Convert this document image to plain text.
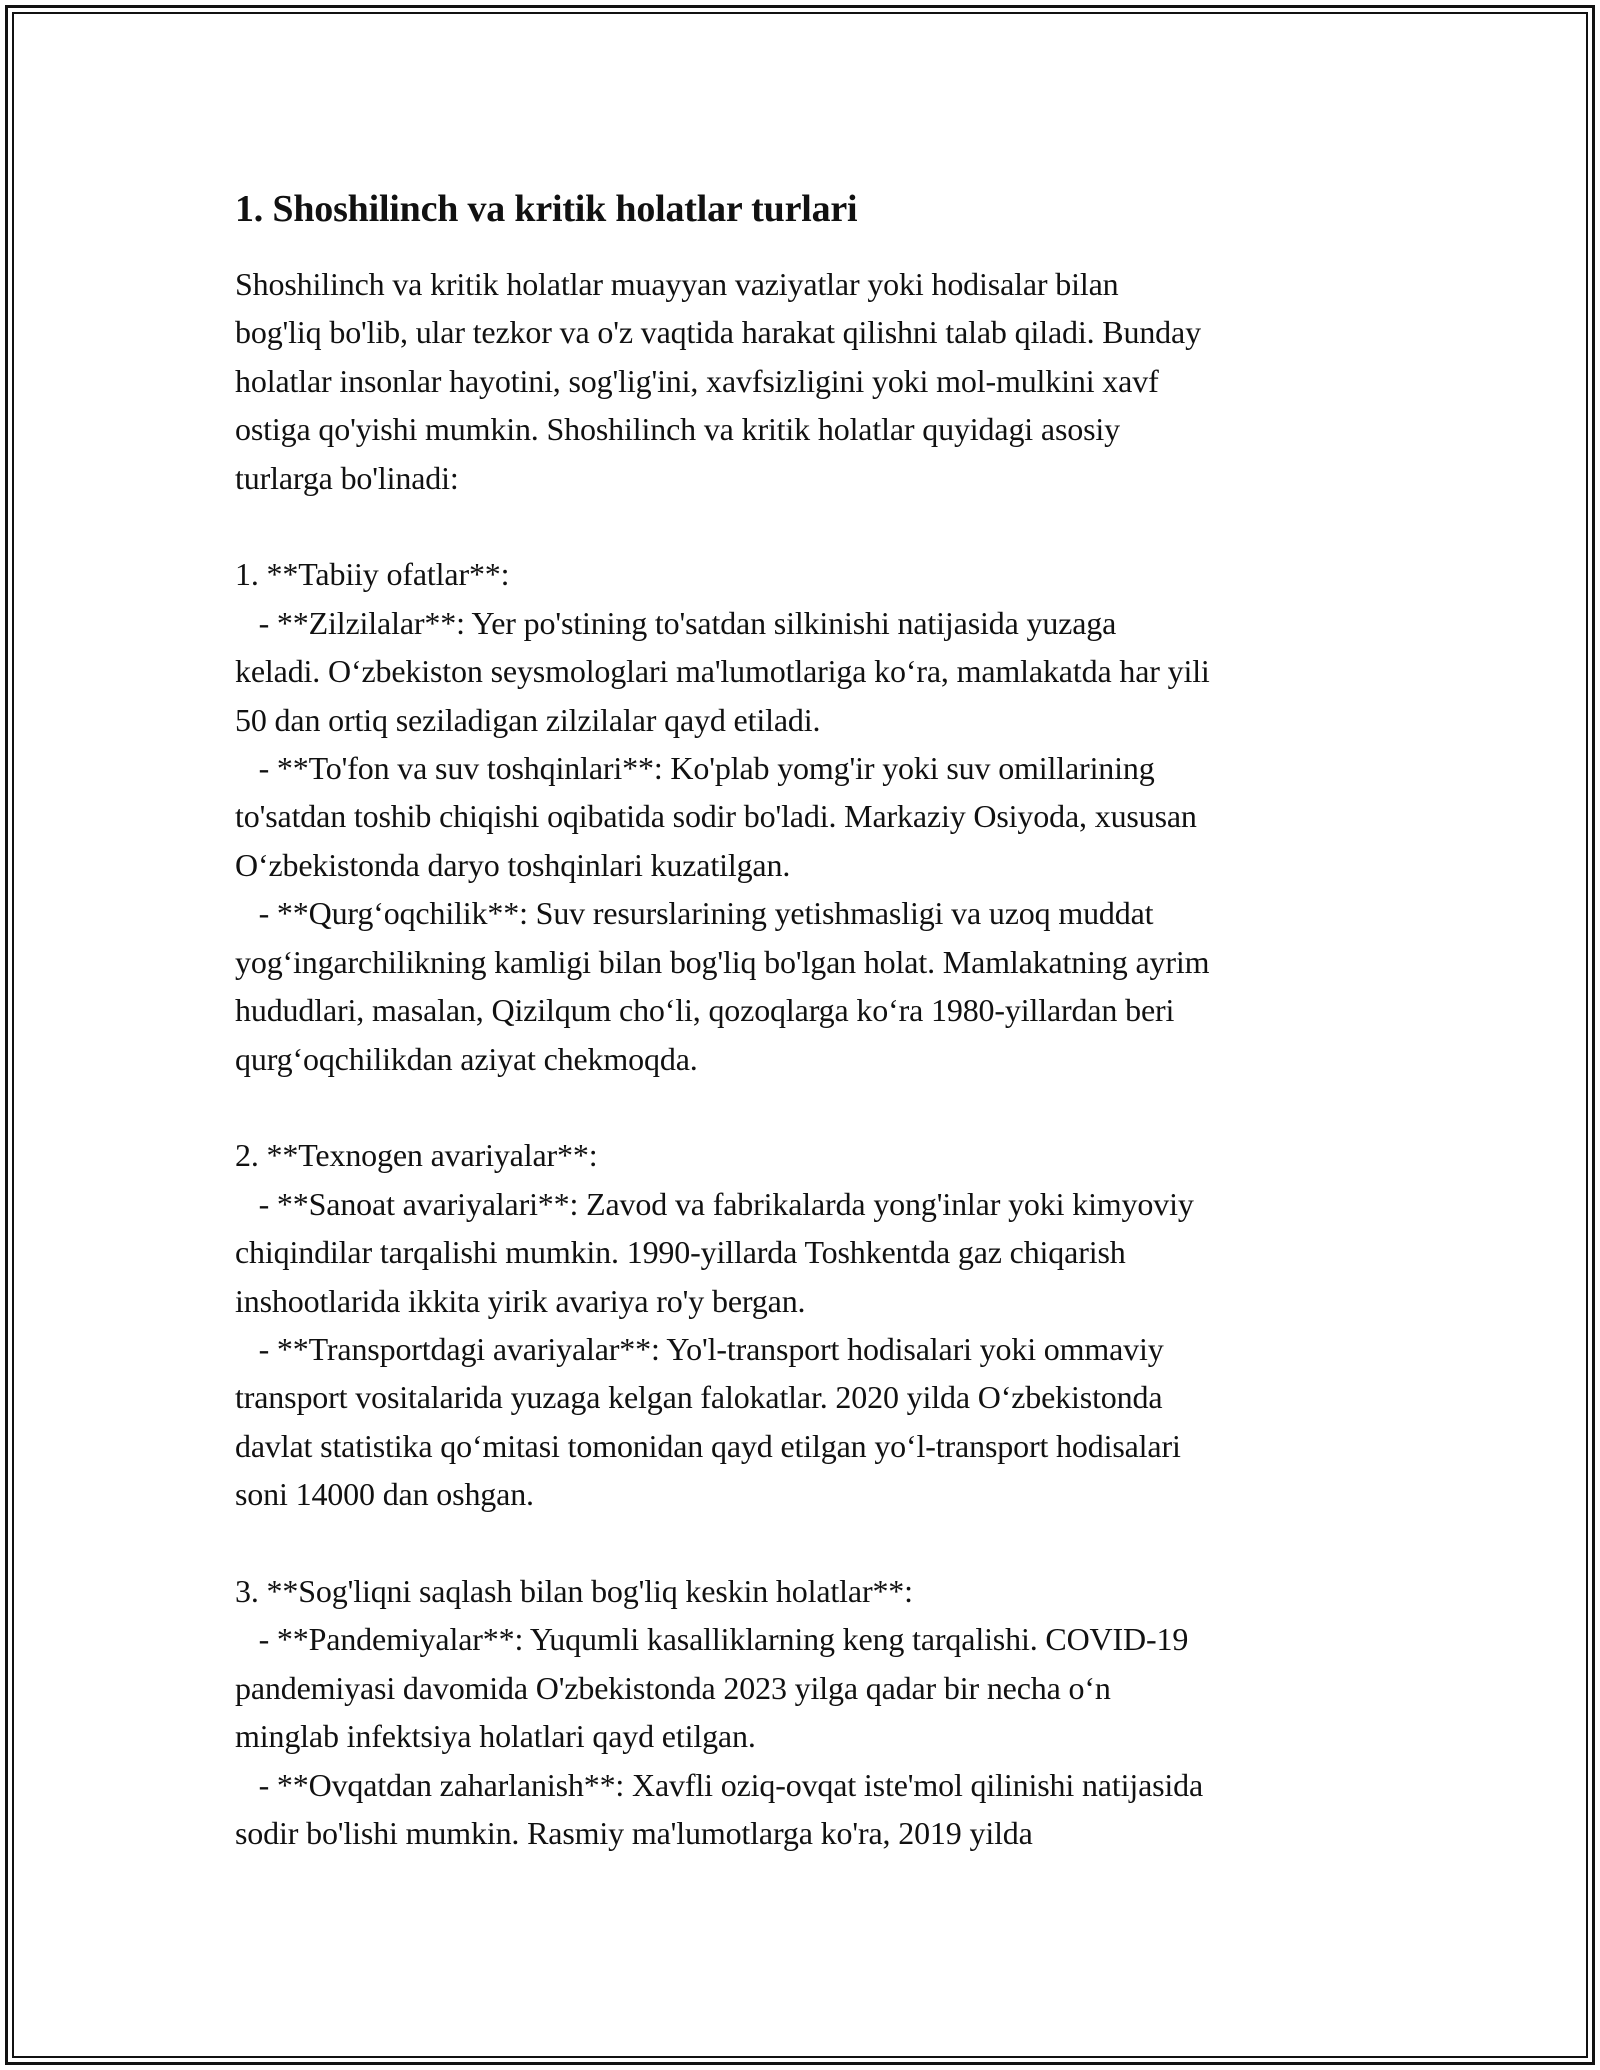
1. Shoshilinch va kritik holatlar turlari

Shoshilinch va kritik holatlar muayyan vaziyatlar yoki hodisalar bilan
bog'liq bo'lib, ular tezkor va o'z vaqtida harakat qilishni talab qiladi. Bunday
holatlar insonlar hayotini, sog'lig'ini, xavfsizligini yoki mol-mulkini xavf
ostiga qo'yishi mumkin. Shoshilinch va kritik holatlar quyidagi asosiy
turlarga bo'linadi:

1. **Tabiiy ofatlar**:
- **Zilzilalar**: Yer po'stining to'satdan silkinishi natijasida yuzaga
keladi. O‘zbekiston seysmologlari ma'lumotlariga ko‘ra, mamlakatda har yili
50 dan ortiq seziladigan zilzilalar qayd etiladi.
- **To'fon va suv toshqinlari**: Ko'plab yomg'ir yoki suv omillarining
to'satdan toshib chiqishi oqibatida sodir bo'ladi. Markaziy Osiyoda, xususan
O‘zbekistonda daryo toshqinlari kuzatilgan.
- **Qurg‘oqchilik**: Suv resurslarining yetishmasligi va uzoq muddat
yog‘ingarchilikning kamligi bilan bog'liq bo'lgan holat. Mamlakatning ayrim
hududlari, masalan, Qizilqum cho‘li, qozoqlarga ko‘ra 1980-yillardan beri
qurg‘oqchilikdan aziyat chekmoqda.

2. **Texnogen avariyalar**:
- **Sanoat avariyalari**: Zavod va fabrikalarda yong'inlar yoki kimyoviy
chiqindilar tarqalishi mumkin. 1990-yillarda Toshkentda gaz chiqarish
inshootlarida ikkita yirik avariya ro'y bergan.
- **Transportdagi avariyalar**: Yo'l-transport hodisalari yoki ommaviy
transport vositalarida yuzaga kelgan falokatlar. 2020 yilda O‘zbekistonda
davlat statistika qo‘mitasi tomonidan qayd etilgan yo‘l-transport hodisalari
soni 14000 dan oshgan.

3. **Sog'liqni saqlash bilan bog'liq keskin holatlar**:
- **Pandemiyalar**: Yuqumli kasalliklarning keng tarqalishi. COVID-19
pandemiyasi davomida O'zbekistonda 2023 yilga qadar bir necha o‘n
minglab infektsiya holatlari qayd etilgan.
- **Ovqatdan zaharlanish**: Xavfli oziq-ovqat iste'mol qilinishi natijasida
sodir bo'lishi mumkin. Rasmiy ma'lumotlarga ko'ra, 2019 yilda
